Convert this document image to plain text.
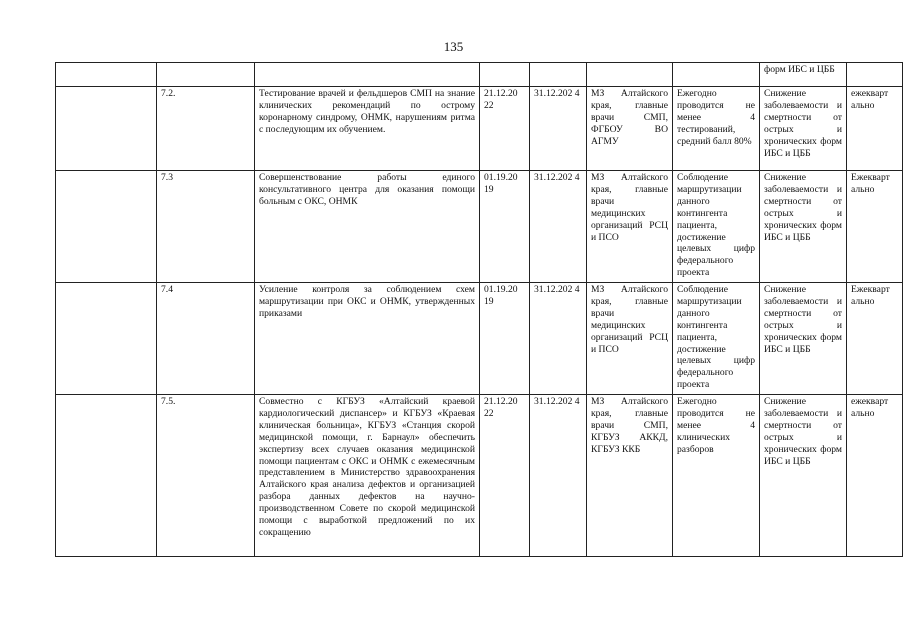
135
							форм ИБС и ЦББ	
	7.2.	Тестирование врачей и фельдшеров СМП на знание клинических рекомендаций по острому коронарному синдрому, ОНМК, нарушениям ритма с последующим их обучением.	21.12.20 22	31.12.202 4	МЗ Алтайского края, главные врачи СМП, ФГБОУ ВО АГМУ	Ежегодно проводится не менее 4 тестирований, средний балл 80%	Снижение заболеваемости и смертности от острых и хронических форм ИБС и ЦББ	ежекварт ально
	7.3	Совершенствование работы единого консультативного центра для оказания помощи больным с ОКС, ОНМК	01.19.20 19	31.12.202 4	МЗ Алтайского края, главные врачи медицинских организаций РСЦ и ПСО	Соблюдение маршрутизации данного контингента пациента, достижение целевых цифр федерального проекта	Снижение заболеваемости и смертности от острых и хронических форм ИБС и ЦББ	Ежекварт ально
	7.4	Усиление контроля за соблюдением схем маршрутизации при ОКС и ОНМК, утвержденных приказами	01.19.20 19	31.12.202 4	МЗ Алтайского края, главные врачи медицинских организаций РСЦ и ПСО	Соблюдение маршрутизации данного контингента пациента, достижение целевых цифр федерального проекта	Снижение заболеваемости и смертности от острых и хронических форм ИБС и ЦББ	Ежекварт ально
	7.5.	Совместно с КГБУЗ «Алтайский краевой кардиологический диспансер» и КГБУЗ «Краевая клиническая больница», КГБУЗ «Станция скорой медицинской помощи, г. Барнаул» обеспечить экспертизу всех случаев оказания медицинской помощи пациентам с ОКС и ОНМК с ежемесячным представлением в Министерство здравоохранения Алтайского края анализа дефектов и организацией разбора данных дефектов на научно-производственном Совете по скорой медицинской помощи с выработкой предложений по их сокращению	21.12.20 22	31.12.202 4	МЗ Алтайского края, главные врачи СМП, КГБУЗ АККД, КГБУЗ ККБ	Ежегодно проводится не менее 4 клинических разборов	Снижение заболеваемости и смертности от острых и хронических форм ИБС и ЦББ	ежекварт ально
